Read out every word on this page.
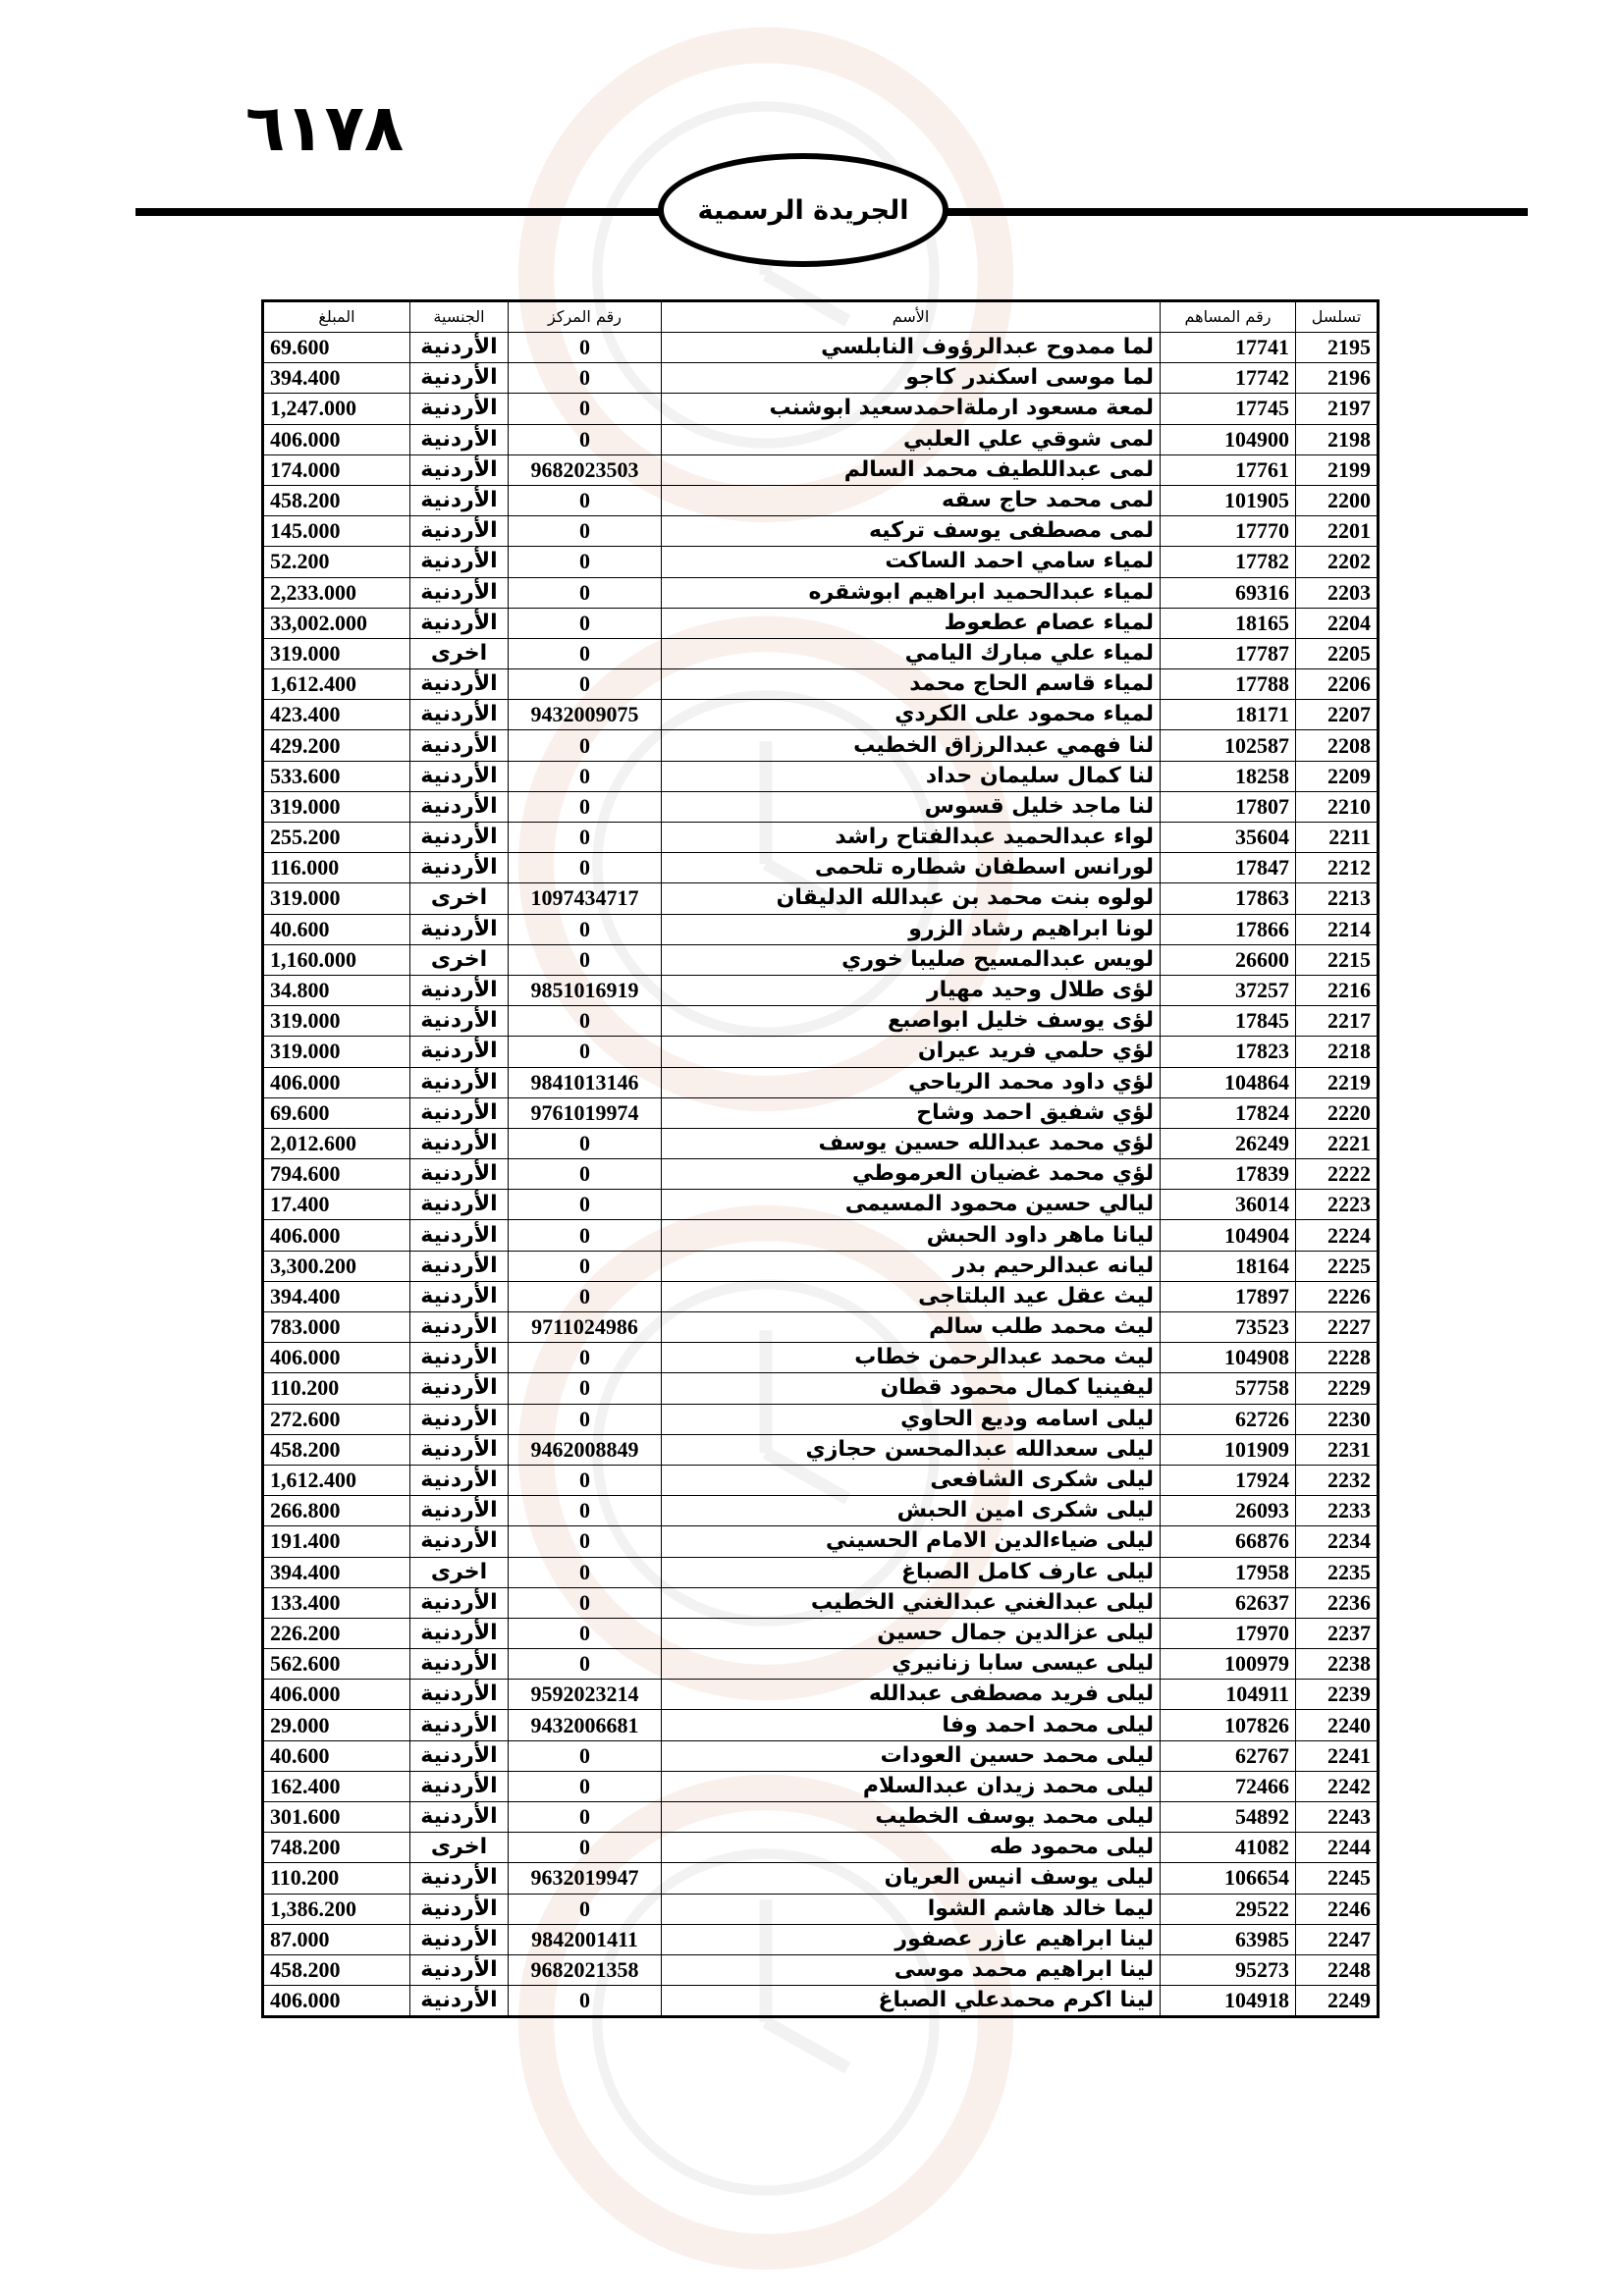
٦١٧٨
الجريدة الرسمية
تسلسل	رقم المساهم	الأسم	رقم المركز	الجنسية	المبلغ
2195	17741	لما ممدوح عبدالرؤوف النابلسي	0	الأردنية	69.600
2196	17742	لما موسى اسكندر كاجو	0	الأردنية	394.400
2197	17745	لمعة مسعود ارملةاحمدسعيد ابوشنب	0	الأردنية	1,247.000
2198	104900	لمى شوقي علي العلبي	0	الأردنية	406.000
2199	17761	لمى عبداللطيف محمد السالم	9682023503	الأردنية	174.000
2200	101905	لمى محمد حاج سقه	0	الأردنية	458.200
2201	17770	لمى مصطفى يوسف تركيه	0	الأردنية	145.000
2202	17782	لمياء سامي احمد الساكت	0	الأردنية	52.200
2203	69316	لمياء عبدالحميد ابراهيم ابوشقره	0	الأردنية	2,233.000
2204	18165	لمياء عصام عطعوط	0	الأردنية	33,002.000
2205	17787	لمياء علي مبارك اليامي	0	اخرى	319.000
2206	17788	لمياء قاسم الحاج محمد	0	الأردنية	1,612.400
2207	18171	لمياء محمود على الكردي	9432009075	الأردنية	423.400
2208	102587	لنا فهمي عبدالرزاق الخطيب	0	الأردنية	429.200
2209	18258	لنا كمال سليمان حداد	0	الأردنية	533.600
2210	17807	لنا ماجد خليل قسوس	0	الأردنية	319.000
2211	35604	لواء عبدالحميد عبدالفتاح راشد	0	الأردنية	255.200
2212	17847	لورانس اسطفان شطاره تلحمى	0	الأردنية	116.000
2213	17863	لولوه بنت محمد بن عبدالله الدليقان	1097434717	اخرى	319.000
2214	17866	لونا ابراهيم رشاد الزرو	0	الأردنية	40.600
2215	26600	لويس عبدالمسيح صليبا خوري	0	اخرى	1,160.000
2216	37257	لؤى طلال وحيد مهيار	9851016919	الأردنية	34.800
2217	17845	لؤى يوسف خليل ابواصبع	0	الأردنية	319.000
2218	17823	لؤي حلمي فريد عيران	0	الأردنية	319.000
2219	104864	لؤي داود محمد الرياحي	9841013146	الأردنية	406.000
2220	17824	لؤي شفيق احمد وشاح	9761019974	الأردنية	69.600
2221	26249	لؤي محمد عبدالله حسين يوسف	0	الأردنية	2,012.600
2222	17839	لؤي محمد غضيان العرموطي	0	الأردنية	794.600
2223	36014	ليالي حسين محمود المسيمى	0	الأردنية	17.400
2224	104904	ليانا ماهر داود الحبش	0	الأردنية	406.000
2225	18164	ليانه عبدالرحيم بدر	0	الأردنية	3,300.200
2226	17897	ليث عقل عيد البلتاجى	0	الأردنية	394.400
2227	73523	ليث محمد طلب سالم	9711024986	الأردنية	783.000
2228	104908	ليث محمد عبدالرحمن خطاب	0	الأردنية	406.000
2229	57758	ليفينيا كمال محمود قطان	0	الأردنية	110.200
2230	62726	ليلى اسامه وديع الحاوي	0	الأردنية	272.600
2231	101909	ليلى سعدالله عبدالمحسن حجازي	9462008849	الأردنية	458.200
2232	17924	ليلى شكرى الشافعى	0	الأردنية	1,612.400
2233	26093	ليلى شكرى امين الحبش	0	الأردنية	266.800
2234	66876	ليلى ضياءالدين الامام الحسيني	0	الأردنية	191.400
2235	17958	ليلى عارف كامل الصباغ	0	اخرى	394.400
2236	62637	ليلى عبدالغني عبدالغني الخطيب	0	الأردنية	133.400
2237	17970	ليلى عزالدين جمال حسين	0	الأردنية	226.200
2238	100979	ليلى عيسى سابا زنانيري	0	الأردنية	562.600
2239	104911	ليلى فريد مصطفى عبدالله	9592023214	الأردنية	406.000
2240	107826	ليلى محمد احمد وفا	9432006681	الأردنية	29.000
2241	62767	ليلى محمد حسين العودات	0	الأردنية	40.600
2242	72466	ليلى محمد زيدان عبدالسلام	0	الأردنية	162.400
2243	54892	ليلى محمد يوسف الخطيب	0	الأردنية	301.600
2244	41082	ليلى محمود طه	0	اخرى	748.200
2245	106654	ليلى يوسف انيس العريان	9632019947	الأردنية	110.200
2246	29522	ليما خالد هاشم الشوا	0	الأردنية	1,386.200
2247	63985	لينا ابراهيم عازر عصفور	9842001411	الأردنية	87.000
2248	95273	لينا ابراهيم محمد موسى	9682021358	الأردنية	458.200
2249	104918	لينا اكرم محمدعلي الصباغ	0	الأردنية	406.000
